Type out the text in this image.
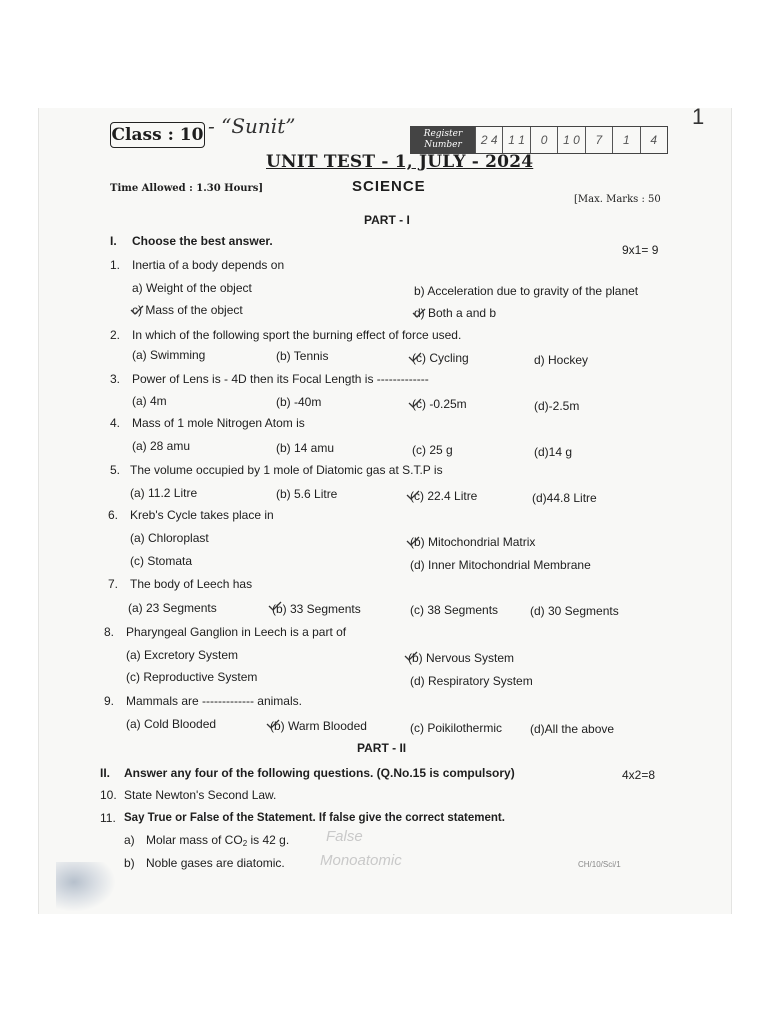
1
Class : 10 - “Sunit”	Register Number	2 4 1 1	0	1 0	7	1	4
UNIT TEST - 1, JULY - 2024
SCIENCE
Time Allowed : 1.30 Hours]
[Max. Marks : 50
PART - I
I. Choose the best answer.
9x1= 9
1. Inertia of a body depends on
a) Weight of the object	b) Acceleration due to gravity of the planet
c) Mass of the object	d) Both a and b
2. In which of the following sport the burning effect of force used.
(a) Swimming	(b) Tennis	(c) Cycling	d) Hockey
3. Power of Lens is - 4D then its Focal Length is -------------
(a) 4m	(b) -40m	(c) -0.25m	(d)-2.5m
4. Mass of 1 mole Nitrogen Atom is
(a) 28 amu	(b) 14 amu	(c) 25 g	(d)14 g
5. The volume occupied by 1 mole of Diatomic gas at S.T.P is
(a) 11.2 Litre	(b) 5.6 Litre	(c) 22.4 Litre	(d)44.8 Litre
6. Kreb's Cycle takes place in
(a) Chloroplast	(b) Mitochondrial Matrix
(c) Stomata	(d) Inner Mitochondrial Membrane
7. The body of Leech has
(a) 23 Segments	(b) 33 Segments	(c) 38 Segments	(d) 30 Segments
8. Pharyngeal Ganglion in Leech is a part of
(a) Excretory System	(b) Nervous System
(c) Reproductive System	(d) Respiratory System
9. Mammals are ------------- animals.
(a) Cold Blooded	(b) Warm Blooded	(c) Poikilothermic (d)All the above
PART - II
II. Answer any four of the following questions. (Q.No.15 is compulsory)	4x2=8
10. State Newton's Second Law.
11. Say True or False of the Statement. If false give the correct statement.
a) Molar mass of $CO_2$ is 42 g. False
b) Noble gases are diatomic. Monoatomic	CH/10/Sci/1
